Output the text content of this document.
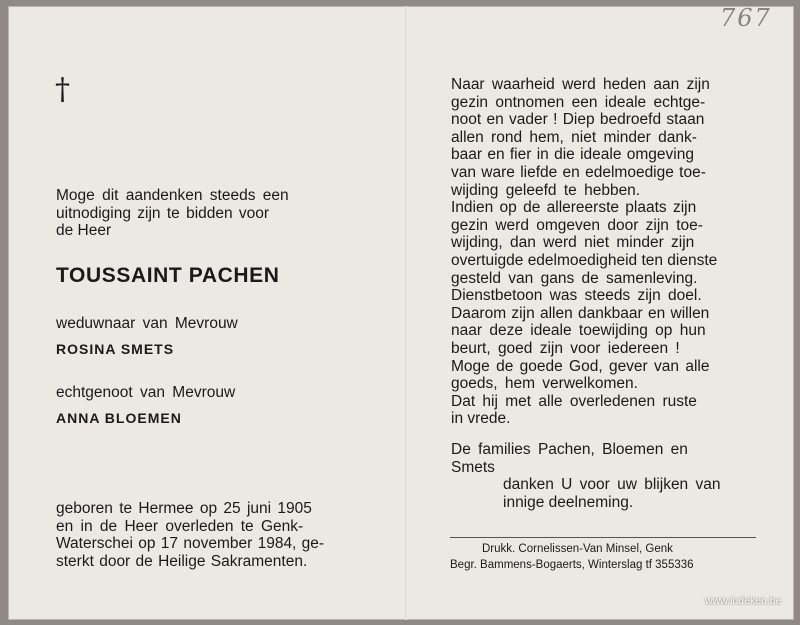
767
†
Moge dit aandenken steeds een
uitnodiging zijn te bidden voor
de Heer
TOUSSAINT PACHEN
weduwnaar van Mevrouw
ROSINA SMETS
echtgenoot van Mevrouw
ANNA BLOEMEN
geboren te Hermee op 25 juni 1905
en in de Heer overleden te Genk-
Waterschei op 17 november 1984, ge-
sterkt door de Heilige Sakramenten.
Naar waarheid werd heden aan zijn
gezin ontnomen een ideale echtge-
noot en vader ! Diep bedroefd staan
allen rond hem, niet minder dank-
baar en fier in die ideale omgeving
van ware liefde en edelmoedige toe-
wijding geleefd te hebben.
Indien op de allereerste plaats zijn
gezin werd omgeven door zijn toe-
wijding, dan werd niet minder zijn
overtuigde edelmoedigheid ten dienste
gesteld van gans de samenleving.
Dienstbetoon was steeds zijn doel.
Daarom zijn allen dankbaar en willen
naar deze ideale toewijding op hun
beurt, goed zijn voor iedereen !
Moge de goede God, gever van alle
goeds, hem verwelkomen.
Dat hij met alle overledenen ruste
in vrede.
De families Pachen, Bloemen en
Smets
danken U voor uw blijken van
innige deelneming.
Drukk. Cornelissen-Van Minsel, Genk
Begr. Bammens-Bogaerts, Winterslag tf 355336
www.indeken.be
